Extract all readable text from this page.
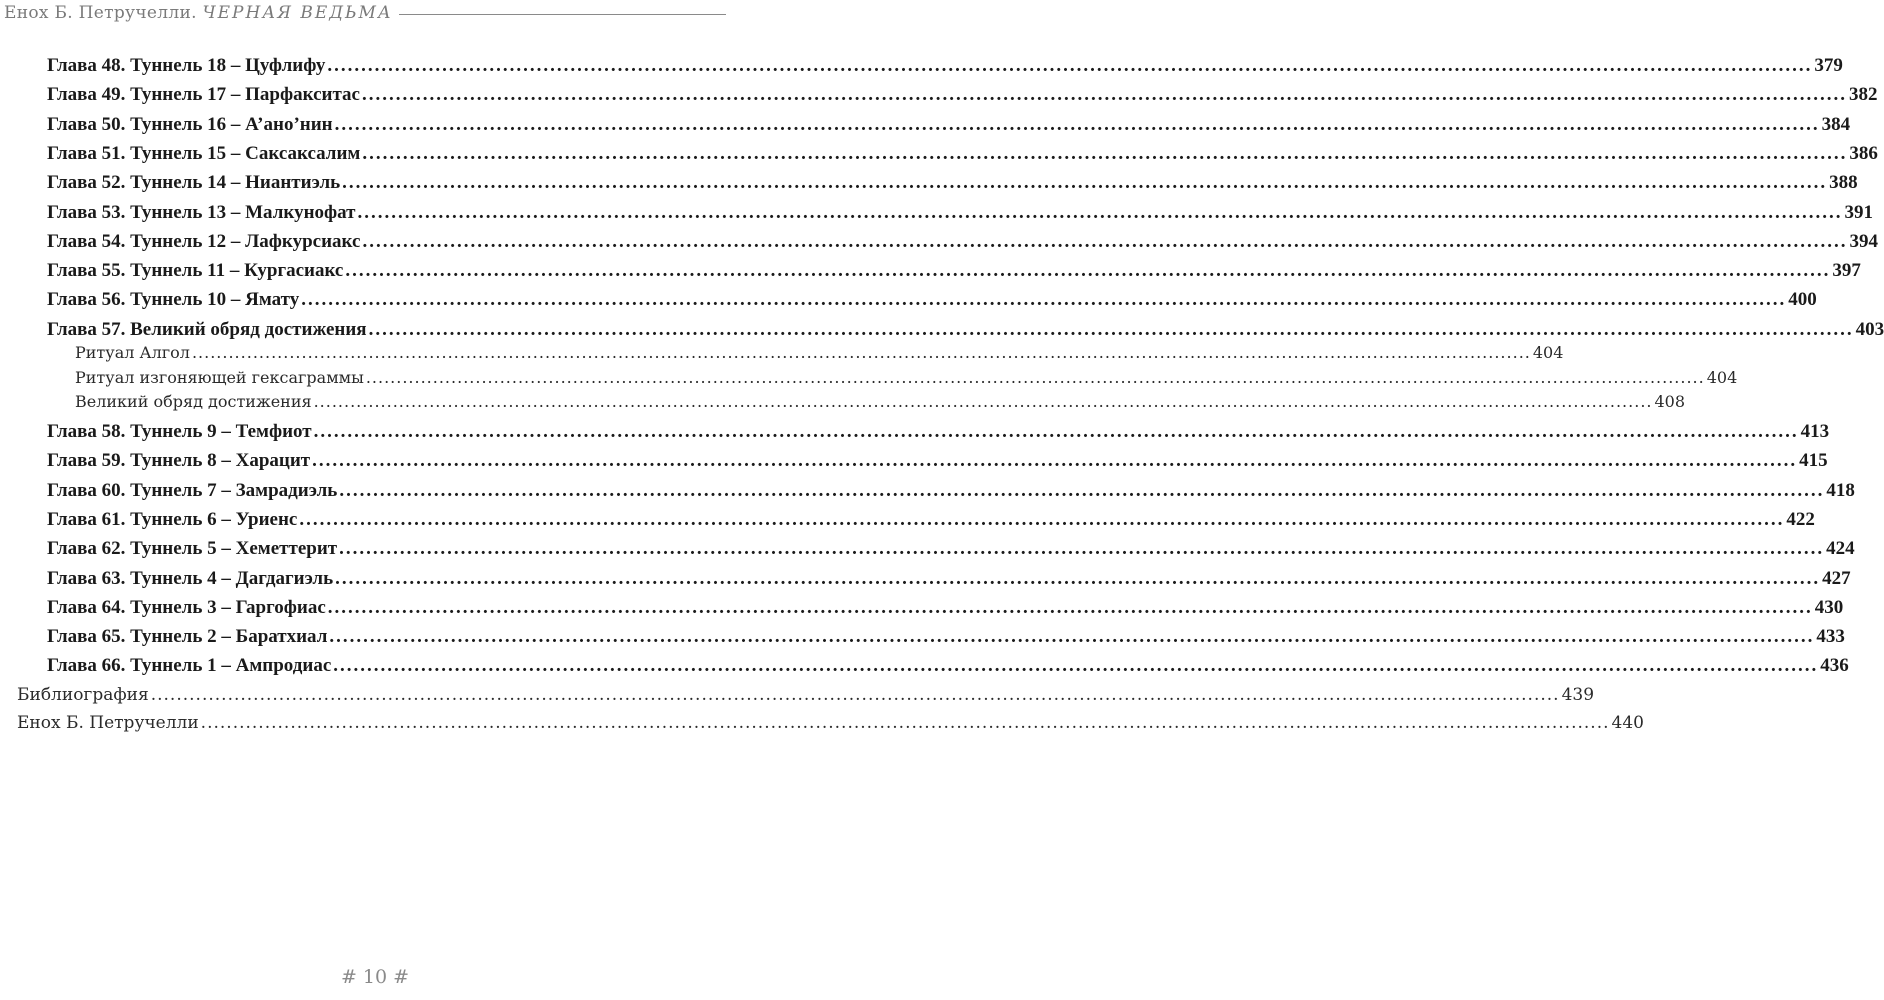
Енох Б. Петручелли. ЧЕРНАЯ ВЕДЬМА
Глава 48. Туннель 18 – Цуфлифу ............................................................................................................................................................................................................................ 379
Глава 49. Туннель 17 – Парфакситас ............................................................................................................................................................................................................................ 382
Глава 50. Туннель 16 – А’ано’нин ............................................................................................................................................................................................................................ 384
Глава 51. Туннель 15 – Саксаксалим ............................................................................................................................................................................................................................ 386
Глава 52. Туннель 14 – Ниантиэль ............................................................................................................................................................................................................................ 388
Глава 53. Туннель 13 – Малкунофат ............................................................................................................................................................................................................................ 391
Глава 54. Туннель 12 – Лафкурсиакс ............................................................................................................................................................................................................................ 394
Глава 55. Туннель 11 – Кургасиакс ............................................................................................................................................................................................................................ 397
Глава 56. Туннель 10 – Ямату ............................................................................................................................................................................................................................ 400
Глава 57. Великий обряд достижения ............................................................................................................................................................................................................................ 403
Ритуал Алгол ............................................................................................................................................................................................................................ 404
Ритуал изгоняющей гексаграммы ............................................................................................................................................................................................................................ 404
Великий обряд достижения ............................................................................................................................................................................................................................ 408
Глава 58. Туннель 9 – Темфиот ............................................................................................................................................................................................................................ 413
Глава 59. Туннель 8 – Харацит ............................................................................................................................................................................................................................ 415
Глава 60. Туннель 7 – Замрадиэль ............................................................................................................................................................................................................................ 418
Глава 61. Туннель 6 – Уриенс ............................................................................................................................................................................................................................ 422
Глава 62. Туннель 5 – Хеметтерит ............................................................................................................................................................................................................................ 424
Глава 63. Туннель 4 – Дагдагиэль ............................................................................................................................................................................................................................ 427
Глава 64. Туннель 3 – Гаргофиас ............................................................................................................................................................................................................................ 430
Глава 65. Туннель 2 – Баратхиал ............................................................................................................................................................................................................................ 433
Глава 66. Туннель 1 – Ампродиас ............................................................................................................................................................................................................................ 436
Библиография ............................................................................................................................................................................................................................ 439
Енох Б. Петручелли ............................................................................................................................................................................................................................ 440
# 10 #
